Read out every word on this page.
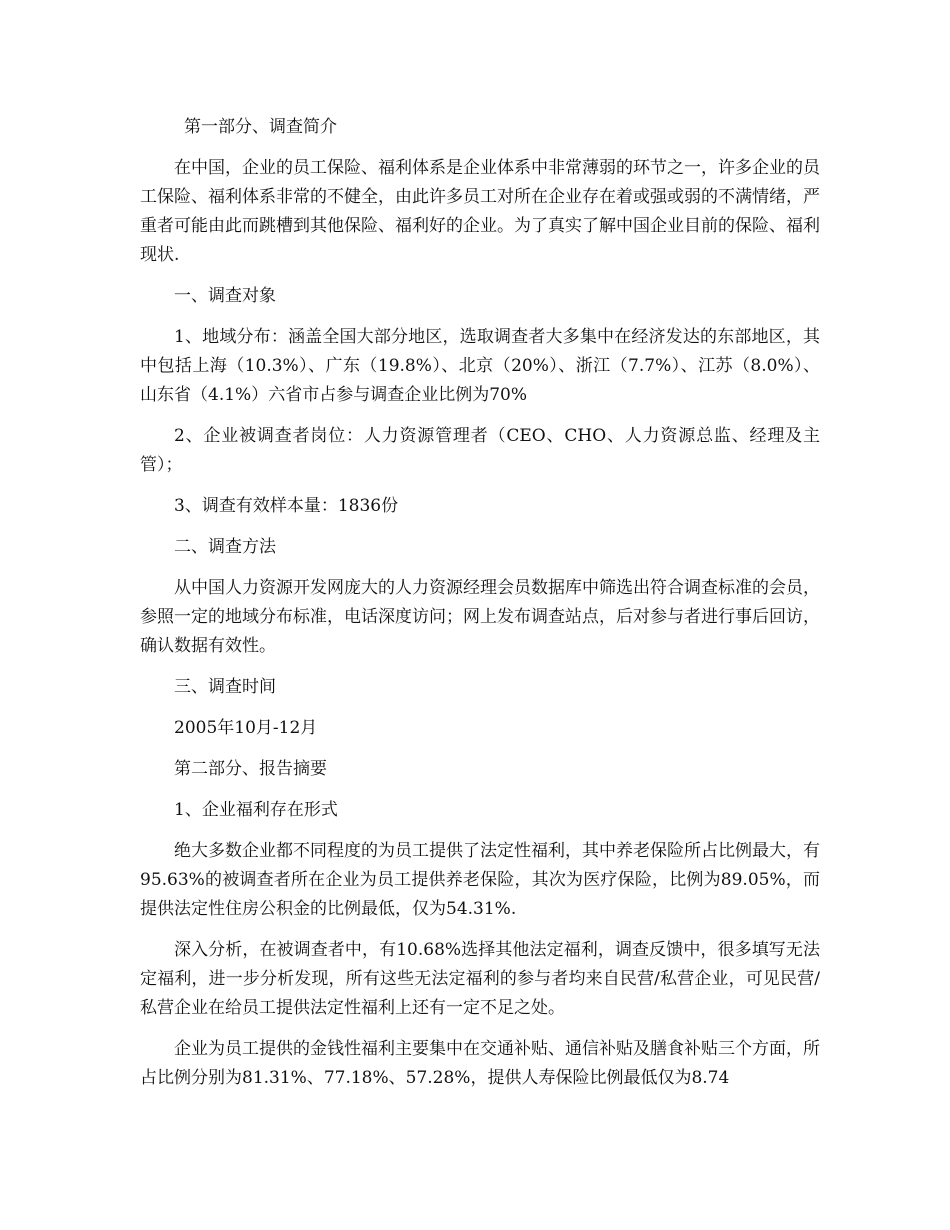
第一部分、调查简介

在中国，企业的员工保险、福利体系是企业体系中非常薄弱的环节之一，许多企业的员工保险、福利体系非常的不健全，由此许多员工对所在企业存在着或强或弱的不满情绪，严重者可能由此而跳槽到其他保险、福利好的企业。为了真实了解中国企业目前的保险、福利现状.

一、调查对象

1、地域分布：涵盖全国大部分地区，选取调查者大多集中在经济发达的东部地区，其中包括上海（10.3%）、广东（19.8%）、北京（20%）、浙江（7.7%）、江苏（8.0%）、山东省（4.1%）六省市占参与调查企业比例为70%

2、企业被调查者岗位：人力资源管理者（CEO、CHO、人力资源总监、经理及主管）；

3、调查有效样本量：1836份

二、调查方法

从中国人力资源开发网庞大的人力资源经理会员数据库中筛选出符合调查标准的会员，参照一定的地域分布标准，电话深度访问；网上发布调查站点，后对参与者进行事后回访，确认数据有效性。

三、调查时间

2005年10月-12月

第二部分、报告摘要

1、企业福利存在形式

绝大多数企业都不同程度的为员工提供了法定性福利，其中养老保险所占比例最大，有95.63%的被调查者所在企业为员工提供养老保险，其次为医疗保险，比例为89.05%，而提供法定性住房公积金的比例最低，仅为54.31%.

深入分析，在被调查者中，有10.68%选择其他法定福利，调查反馈中，很多填写无法定福利，进一步分析发现，所有这些无法定福利的参与者均来自民营/私营企业，可见民营/私营企业在给员工提供法定性福利上还有一定不足之处。

企业为员工提供的金钱性福利主要集中在交通补贴、通信补贴及膳食补贴三个方面，所占比例分别为81.31%、77.18%、57.28%，提供人寿保险比例最低仅为8.74
